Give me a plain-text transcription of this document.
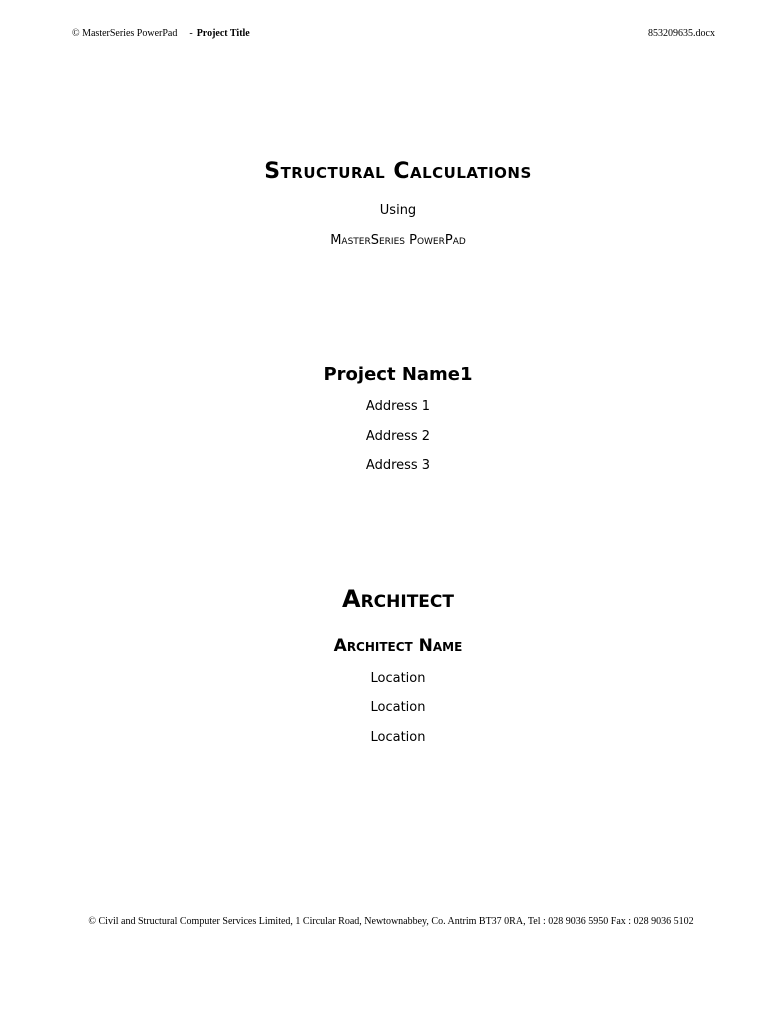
© MasterSeries PowerPad - Project Title	853209635.docx
Structural Calculations
Using
MasterSeries PowerPad
Project Name1
Address 1
Address 2
Address 3
Architect
Architect Name
Location
Location
Location
© Civil and Structural Computer Services Limited, 1 Circular Road, Newtownabbey, Co. Antrim BT37 0RA, Tel : 028 9036 5950 Fax : 028 9036 5102
